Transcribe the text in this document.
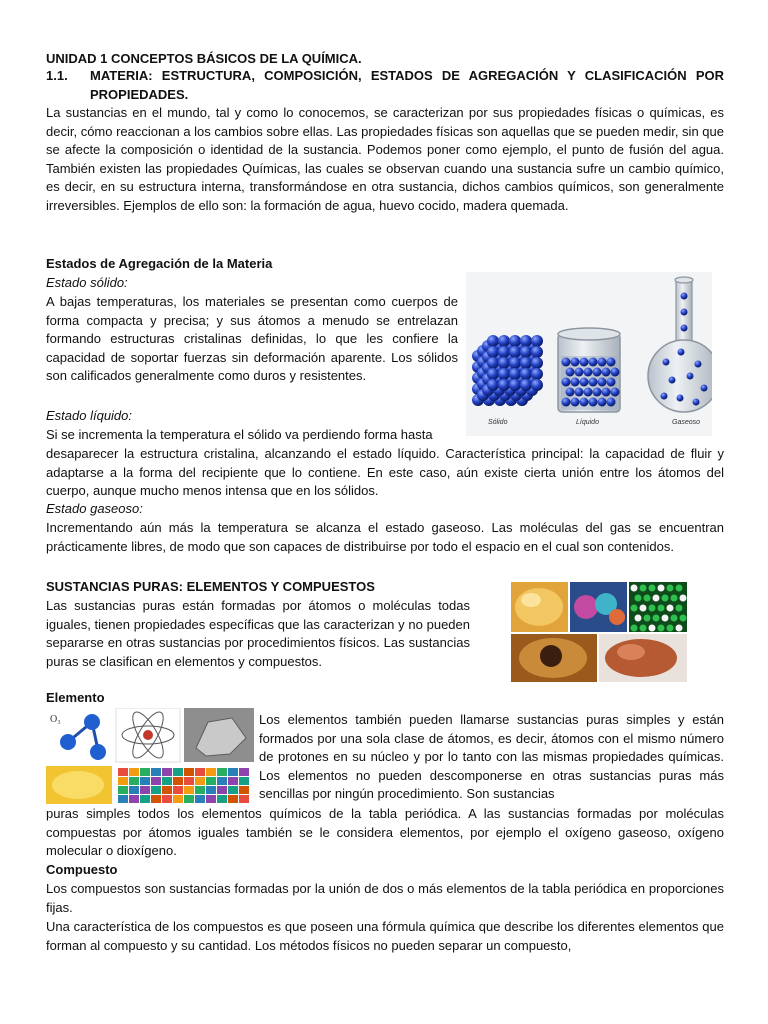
UNIDAD 1 CONCEPTOS BÁSICOS DE LA QUÍMICA.

1.1. MATERIA: ESTRUCTURA, COMPOSICIÓN, ESTADOS DE AGREGACIÓN Y CLASIFICACIÓN POR PROPIEDADES.

La sustancias en el mundo, tal y como lo conocemos, se caracterizan por sus propiedades físicas o químicas, es decir, cómo reaccionan a los cambios sobre ellas. Las propiedades físicas son aquellas que se pueden medir, sin que se afecte la composición o identidad de la sustancia. Podemos poner como ejemplo, el punto de fusión del agua. También existen las propiedades Químicas, las cuales se observan cuando una sustancia sufre un cambio químico, es decir, en su estructura interna, transformándose en otra sustancia, dichos cambios químicos, son generalmente irreversibles. Ejemplos de ello son: la formación de agua, huevo cocido, madera quemada.

Estados de Agregación de la Materia

Estado sólido:

A bajas temperaturas, los materiales se presentan como cuerpos de forma compacta y precisa; y sus átomos a menudo se entrelazan formando estructuras cristalinas definidas, lo que les confiere la capacidad de soportar fuerzas sin deformación aparente. Los sólidos son calificados generalmente como duros y resistentes.

Estado líquido:

Si se incrementa la temperatura el sólido va perdiendo forma hasta

desaparecer la estructura cristalina, alcanzando el estado líquido. Característica principal: la capacidad de fluir y adaptarse a la forma del recipiente que lo contiene. En este caso, aún existe cierta unión entre los átomos del cuerpo, aunque mucho menos intensa que en los sólidos.

Estado gaseoso:

Incrementando aún más la temperatura se alcanza el estado gaseoso. Las moléculas del gas se encuentran prácticamente libres, de modo que son capaces de distribuirse por todo el espacio en el cual son contenidos.

Sólido	Líquido	Gaseoso

SUSTANCIAS PURAS: ELEMENTOS Y COMPUESTOS

Las sustancias puras están formadas por átomos o moléculas todas iguales, tienen propiedades específicas que las caracterizan y no pueden separarse en otras sustancias por procedimientos físicos. Las sustancias puras se clasifican en elementos y compuestos.

Elemento

O₃	Los elementos también pueden llamarse sustancias puras simples y están formados por una sola clase de átomos, es decir, átomos con el mismo número de protones en su núcleo y por lo tanto con las mismas propiedades químicas. Los elementos no pueden descomponerse en otras sustancias puras más sencillas por ningún procedimiento. Son sustancias

puras simples todos los elementos químicos de la tabla periódica. A las sustancias formadas por moléculas compuestas por átomos iguales también se le considera elementos, por ejemplo el oxígeno gaseoso, oxígeno molecular o dioxígeno.

Compuesto

Los compuestos son sustancias formadas por la unión de dos o más elementos de la tabla periódica en proporciones fijas.

Una característica de los compuestos es que poseen una fórmula química que describe los diferentes elementos que forman al compuesto y su cantidad. Los métodos físicos no pueden separar un compuesto,
